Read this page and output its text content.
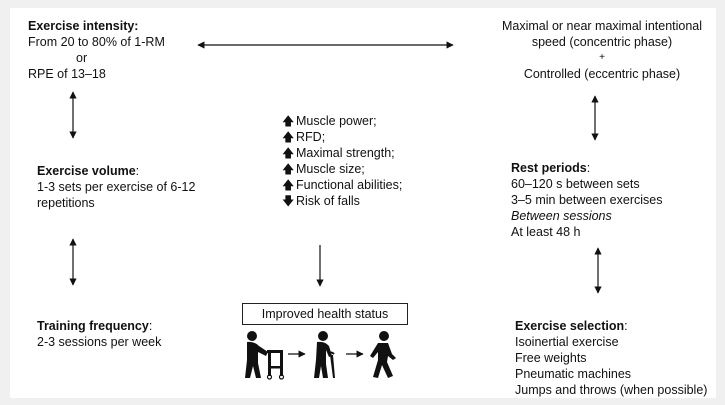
Exercise intensity:
From 20 to 80% of 1-RM
or
RPE of 13–18
Maximal or near maximal intentional
speed (concentric phase)
+
Controlled (eccentric phase)
Exercise volume:
1-3 sets per exercise of 6-12
repetitions
Rest periods:
60–120 s between sets
3–5 min between exercises
Between sessions
At least 48 h
🡅 Muscle power;
🡅 RFD;
🡅 Maximal strength;
🡅 Muscle size;
🡅 Functional abilities;
🡇 Risk of falls
Improved health status
Training frequency:
2-3 sessions per week
Exercise selection:
Isoinertial exercise
Free weights
Pneumatic machines
Jumps and throws (when possible)
